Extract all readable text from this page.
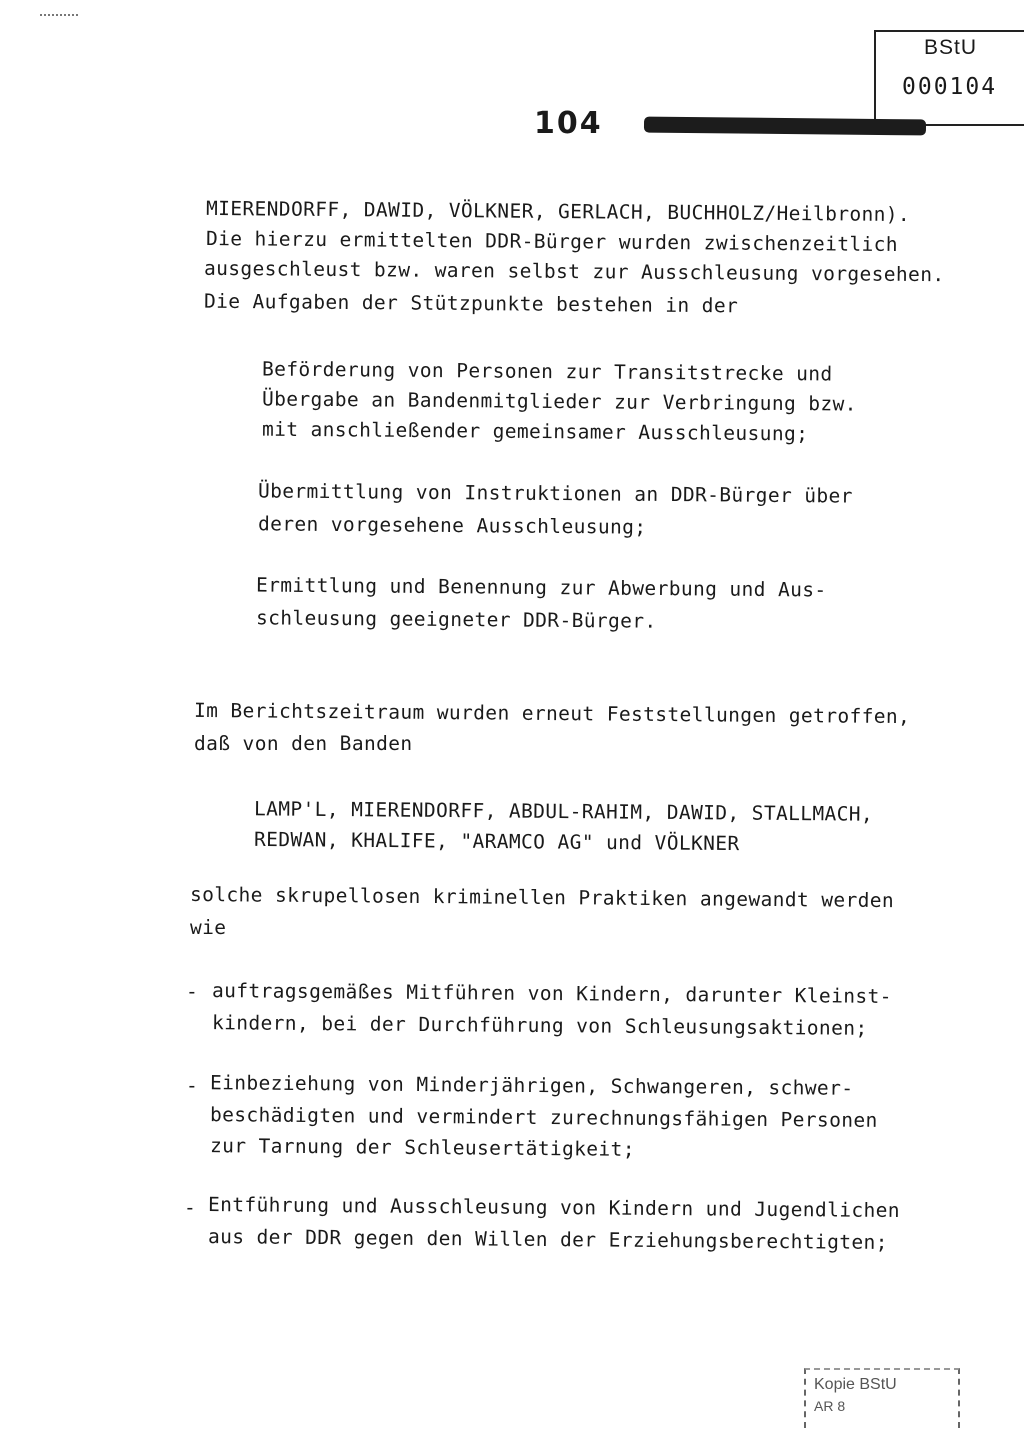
BStU
000104
104
MIERENDORFF, DAWID, VÖLKNER, GERLACH, BUCHHOLZ/Heilbronn).
Die hierzu ermittelten DDR-Bürger wurden zwischenzeitlich
ausgeschleust bzw. waren selbst zur Ausschleusung vorgesehen.
Die Aufgaben der Stützpunkte bestehen in der
Beförderung von Personen zur Transitstrecke und
Übergabe an Bandenmitglieder zur Verbringung bzw.
mit anschließender gemeinsamer Ausschleusung;
Übermittlung von Instruktionen an DDR-Bürger über
deren vorgesehene Ausschleusung;
Ermittlung und Benennung zur Abwerbung und Aus-
schleusung geeigneter DDR-Bürger.
Im Berichtszeitraum wurden erneut Feststellungen getroffen,
daß von den Banden
LAMP'L, MIERENDORFF, ABDUL-RAHIM, DAWID, STALLMACH,
REDWAN, KHALIFE, "ARAMCO AG" und VÖLKNER
solche skrupellosen kriminellen Praktiken angewandt werden
wie
- auftragsgemäßes Mitführen von Kindern, darunter Kleinst-
kindern, bei der Durchführung von Schleusungsaktionen;
- Einbeziehung von Minderjährigen, Schwangeren, schwer-
beschädigten und vermindert zurechnungsfähigen Personen
zur Tarnung der Schleusertätigkeit;
- Entführung und Ausschleusung von Kindern und Jugendlichen
aus der DDR gegen den Willen der Erziehungsberechtigten;
Kopie BStU
AR 8
